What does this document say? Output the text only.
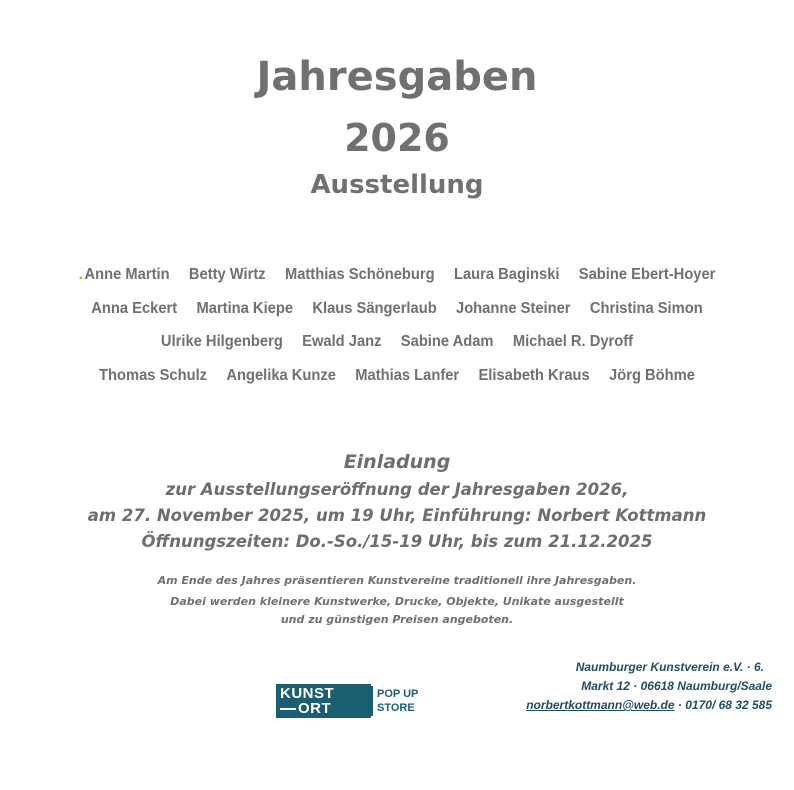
Jahresgaben
2026
Ausstellung
. Anne Martin Betty Wirtz Matthias Schöneburg Laura Baginski Sabine Ebert-Hoyer
Anna Eckert Martina Kiepe Klaus Sängerlaub Johanne Steiner Christina Simon
Ulrike Hilgenberg Ewald Janz Sabine Adam Michael R. Dyroff
Thomas Schulz Angelika Kunze Mathias Lanfer Elisabeth Kraus Jörg Böhme
Einladung
zur Ausstellungseröffnung der Jahresgaben 2026,
am 27. November 2025, um 19 Uhr, Einführung: Norbert Kottmann
Öffnungszeiten: Do.-So./15-19 Uhr, bis zum 21.12.2025
Am Ende des Jahres präsentieren Kunstvereine traditionell ihre Jahresgaben.
Dabei werden kleinere Kunstwerke, Drucke, Objekte, Unikate ausgestellt
und zu günstigen Preisen angeboten.
KUNST
ORT
POP UP
STORE
Naumburger Kunstverein e.V. · 6.
Markt 12 · 06618 Naumburg/Saale
norbertkottmann@web.de · 0170/ 68 32 585
